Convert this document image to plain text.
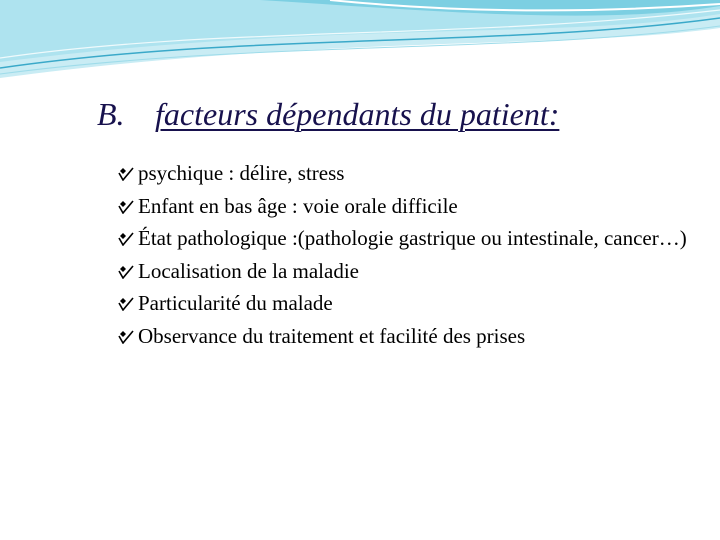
B. facteurs dépendants du patient:
psychique : délire, stress
Enfant en bas âge : voie orale difficile
État pathologique :(pathologie gastrique ou intestinale, cancer…)
Localisation de la maladie
Particularité du malade
Observance du traitement et facilité des prises
